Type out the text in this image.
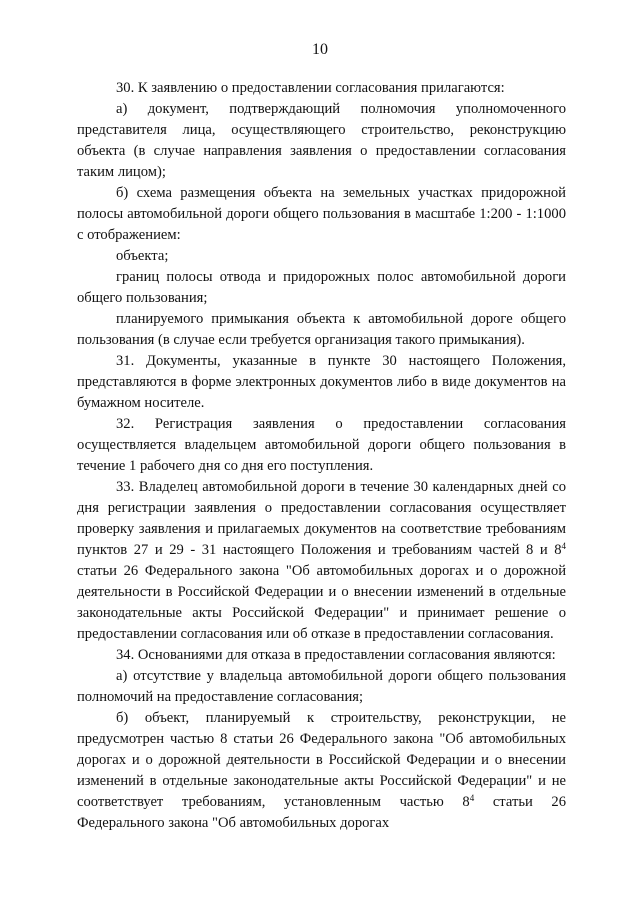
10

30. К заявлению о предоставлении согласования прилагаются:

а) документ, подтверждающий полномочия уполномоченного представителя лица, осуществляющего строительство, реконструкцию объекта (в случае направления заявления о предоставлении согласования таким лицом);

б) схема размещения объекта на земельных участках придорожной полосы автомобильной дороги общего пользования в масштабе 1:200 - 1:1000 с отображением:

объекта;

границ полосы отвода и придорожных полос автомобильной дороги общего пользования;

планируемого примыкания объекта к автомобильной дороге общего пользования (в случае если требуется организация такого примыкания).

31. Документы, указанные в пункте 30 настоящего Положения, представляются в форме электронных документов либо в виде документов на бумажном носителе.

32. Регистрация заявления о предоставлении согласования осуществляется владельцем автомобильной дороги общего пользования в течение 1 рабочего дня со дня его поступления.

33. Владелец автомобильной дороги в течение 30 календарных дней со дня регистрации заявления о предоставлении согласования осуществляет проверку заявления и прилагаемых документов на соответствие требованиям пунктов 27 и 29 - 31 настоящего Положения и требованиям частей 8 и $8^4$ статьи 26 Федерального закона "Об автомобильных дорогах и о дорожной деятельности в Российской Федерации и о внесении изменений в отдельные законодательные акты Российской Федерации" и принимает решение о предоставлении согласования или об отказе в предоставлении согласования.

34. Основаниями для отказа в предоставлении согласования являются:

а) отсутствие у владельца автомобильной дороги общего пользования полномочий на предоставление согласования;

б) объект, планируемый к строительству, реконструкции, не предусмотрен частью 8 статьи 26 Федерального закона "Об автомобильных дорогах и о дорожной деятельности в Российской Федерации и о внесении изменений в отдельные законодательные акты Российской Федерации" и не соответствует требованиям, установленным частью $8^4$ статьи 26 Федерального закона "Об автомобильных дорогах
